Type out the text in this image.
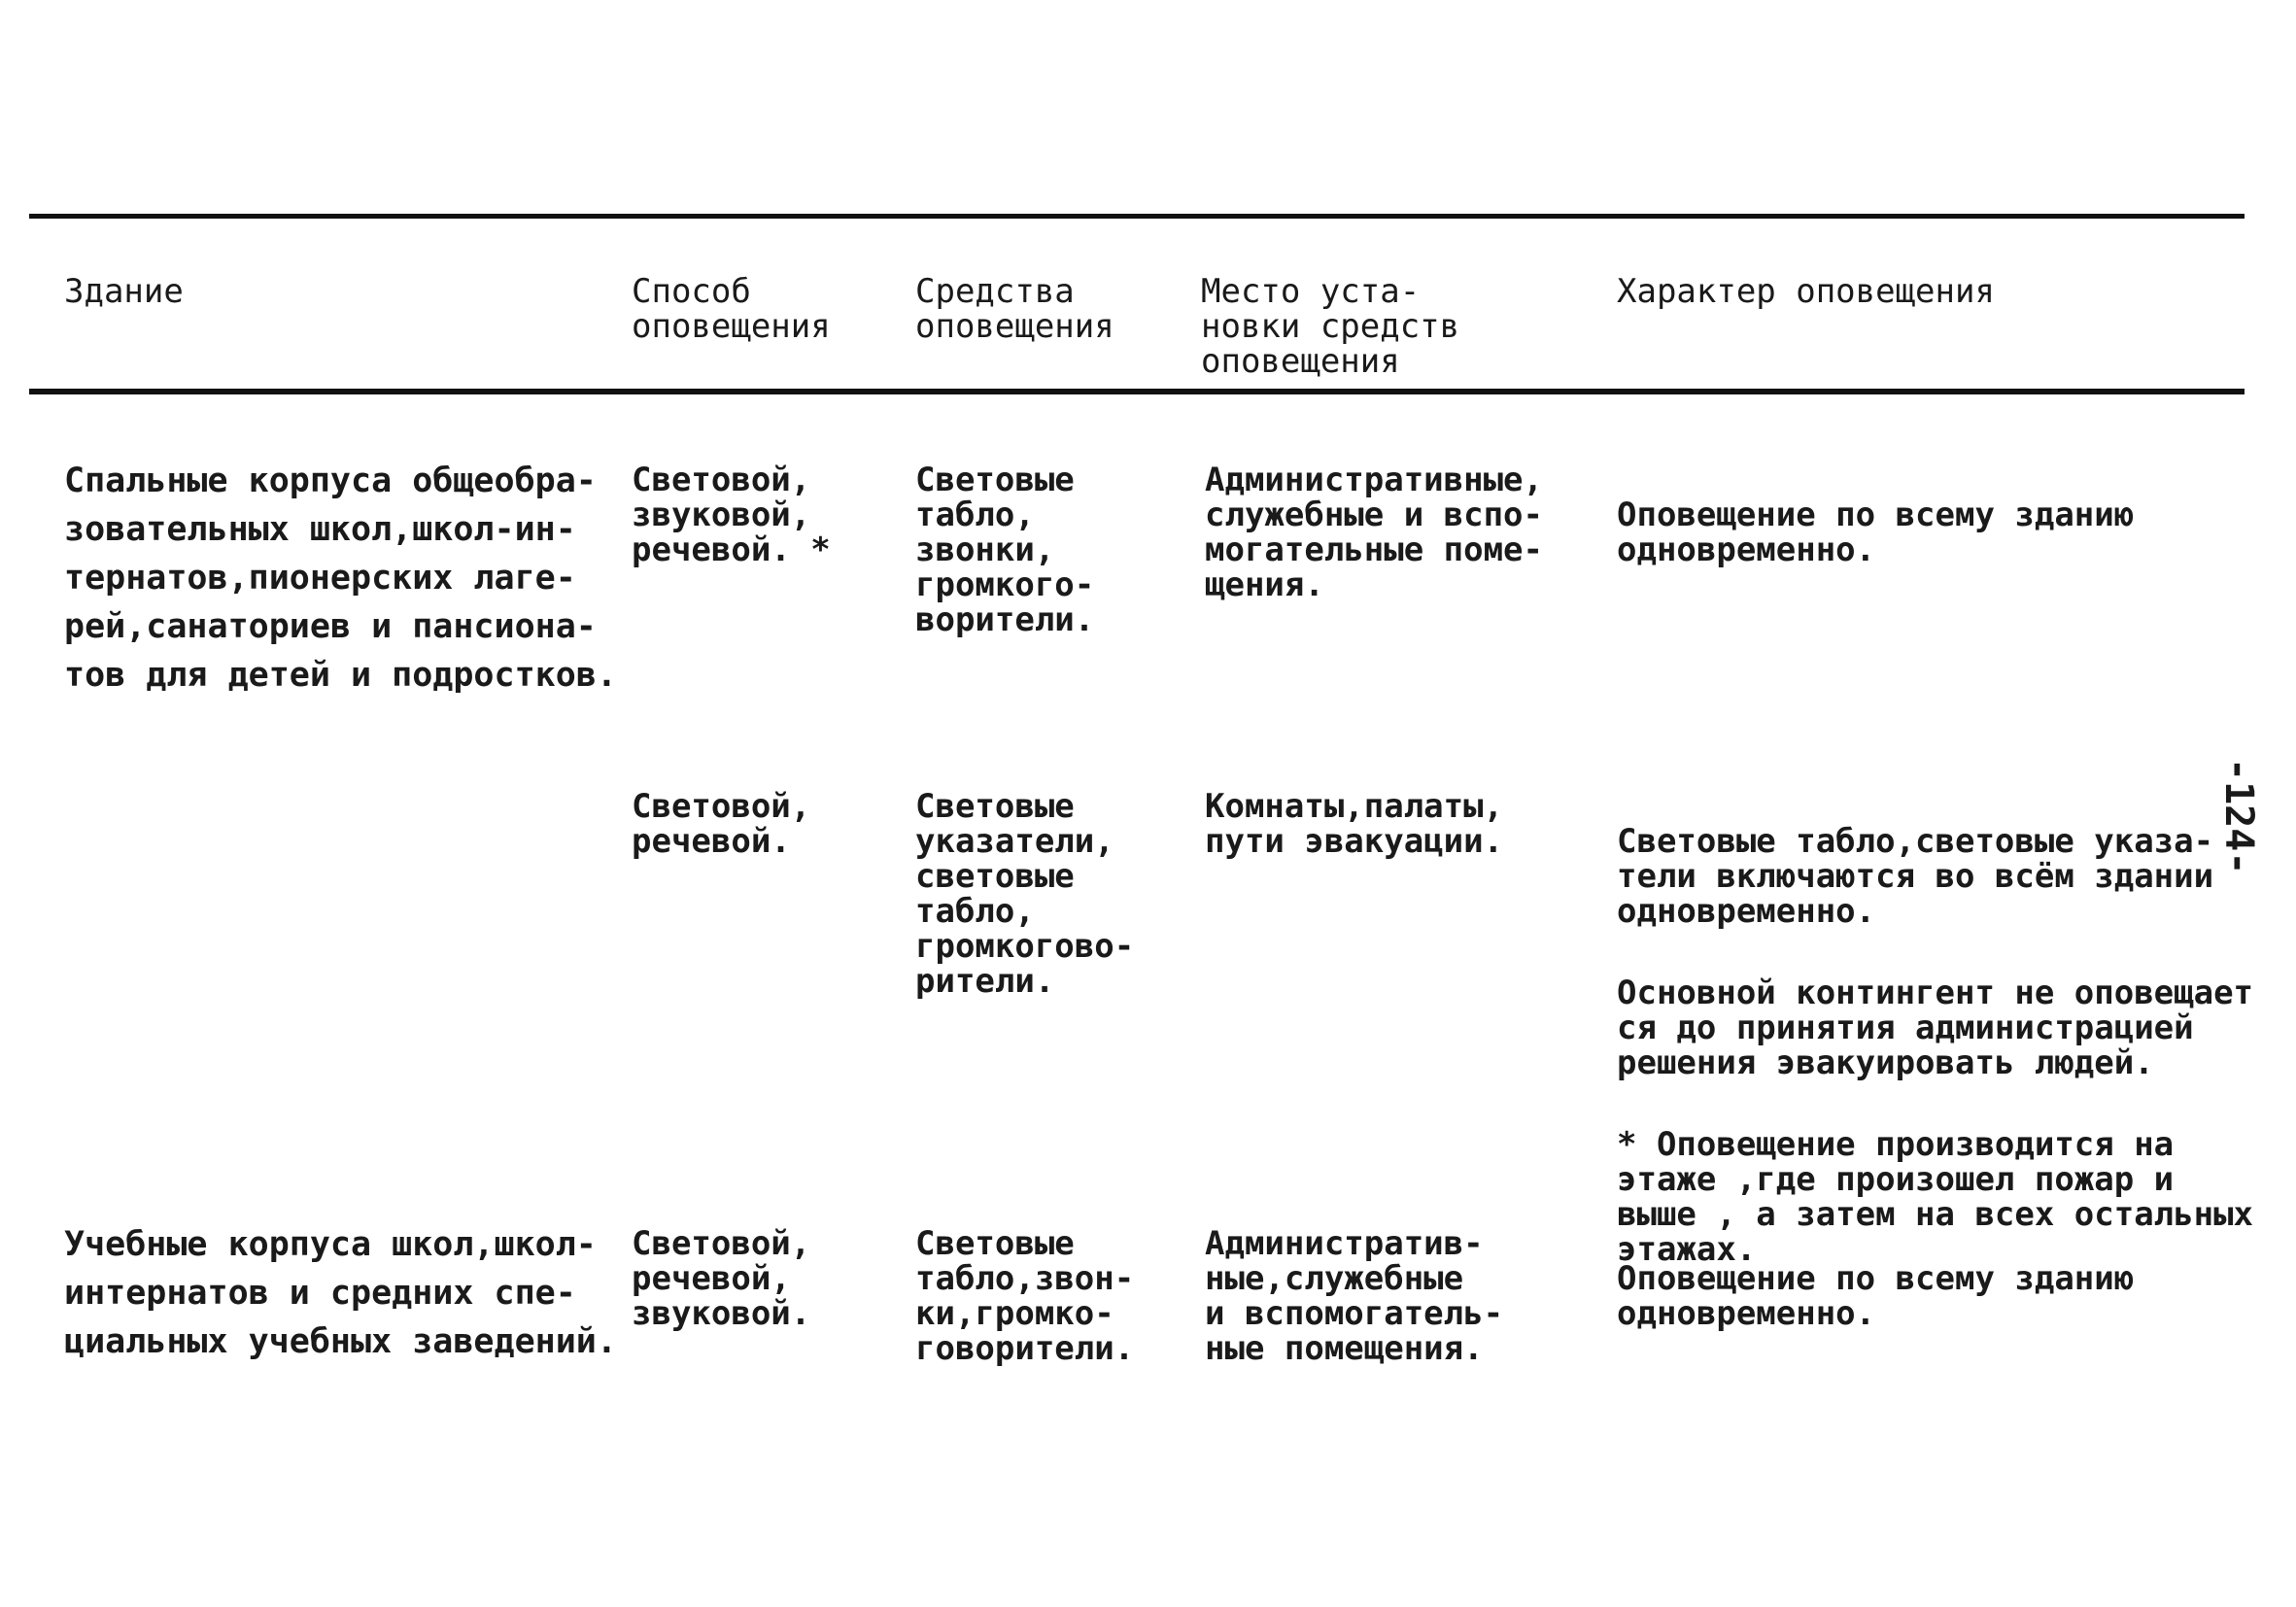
Здание	Способ
оповещения
Средства
оповещения
Место уста-
новки средств
оповещения
Характер оповещения
Спальные корпуса общеобра-
зовательных школ,школ-ин-
тернатов,пионерских лаге-
рей,санаториев и пансиона-
тов для детей и подростков.
Световой,
звуковой,
речевой. *
Световые
табло,
звонки,
громкого-
ворители.
Административные,
служебные и вспо-
могательные поме-
щения.

Оповещение по всему зданию
одновременно.

Световой,
речевой.
Световые
указатели,
световые
табло,
громкогово-
рители.
Комнаты,палаты,
пути эвакуации.	Световые табло,световые указа-
тели включаются во всём здании
одновременно.

Основной контингент не оповещает
ся до принятия администрацией
решения эвакуировать людей.

* Оповещение производится на
этаже ,где произошел пожар и
выше , а затем на всех остальных
этажах.

Учебные корпуса школ,школ-
интернатов и средних спе-
циальных учебных заведений.
Световой,
речевой,
звуковой.
Световые
табло,звон-
ки,громко-
говорители.
Административ-
ные,служебные
и вспомогатель-
ные помещения.

Оповещение по всему зданию
одновременно.

-124-
